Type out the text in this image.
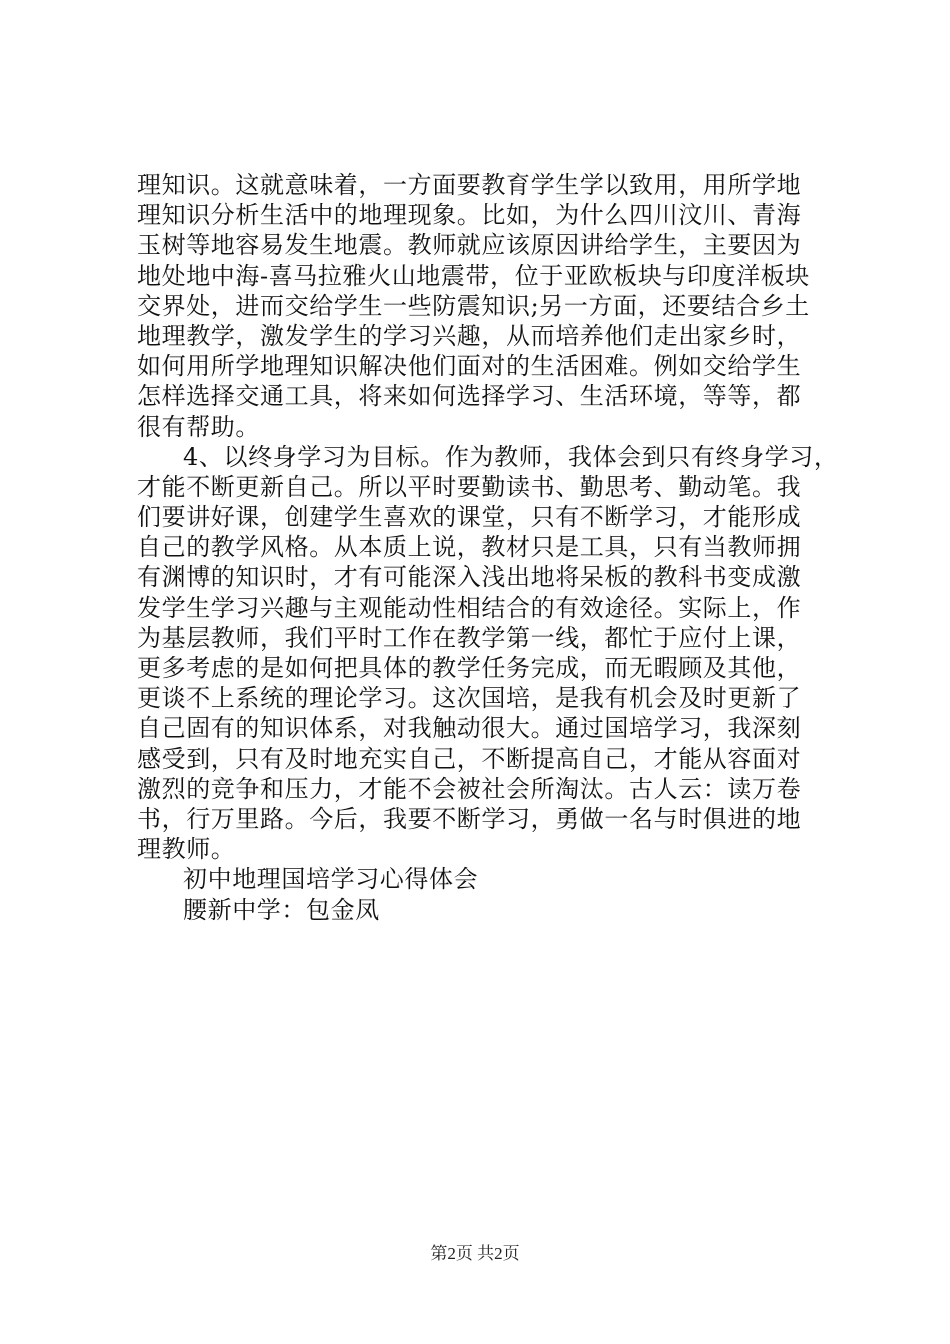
理知识。这就意味着，一方面要教育学生学以致用，用所学地
理知识分析生活中的地理现象。比如，为什么四川汶川、青海
玉树等地容易发生地震。教师就应该原因讲给学生，主要因为
地处地中海-喜马拉雅火山地震带，位于亚欧板块与印度洋板块
交界处，进而交给学生一些防震知识;另一方面，还要结合乡土
地理教学，激发学生的学习兴趣，从而培养他们走出家乡时，
如何用所学地理知识解决他们面对的生活困难。例如交给学生
怎样选择交通工具，将来如何选择学习、生活环境，等等，都
很有帮助。
4、以终身学习为目标。作为教师，我体会到只有终身学习，
才能不断更新自己。所以平时要勤读书、勤思考、勤动笔。我
们要讲好课，创建学生喜欢的课堂，只有不断学习，才能形成
自己的教学风格。从本质上说，教材只是工具，只有当教师拥
有渊博的知识时，才有可能深入浅出地将呆板的教科书变成激
发学生学习兴趣与主观能动性相结合的有效途径。实际上，作
为基层教师，我们平时工作在教学第一线，都忙于应付上课，
更多考虑的是如何把具体的教学任务完成，而无暇顾及其他，
更谈不上系统的理论学习。这次国培，是我有机会及时更新了
自己固有的知识体系，对我触动很大。通过国培学习，我深刻
感受到，只有及时地充实自己，不断提高自己，才能从容面对
激烈的竞争和压力，才能不会被社会所淘汰。古人云：读万卷
书，行万里路。今后，我要不断学习，勇做一名与时俱进的地
理教师。
初中地理国培学习心得体会
腰新中学：包金凤
第2页 共2页
